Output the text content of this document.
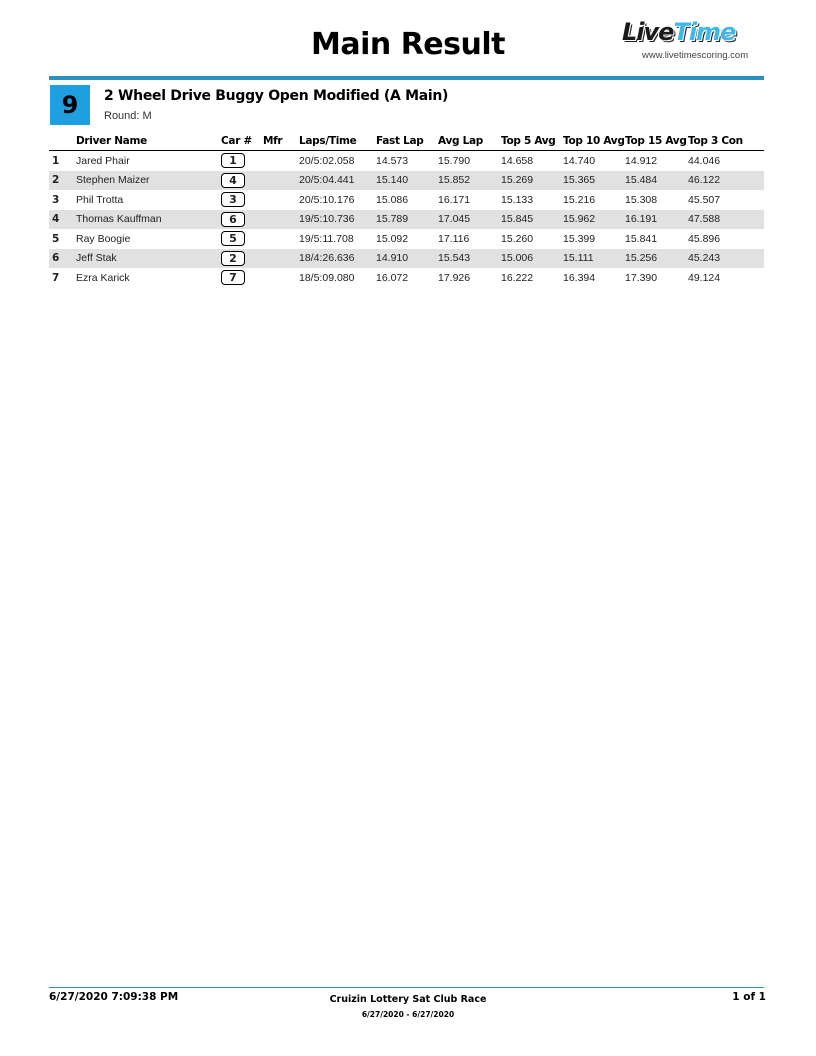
Main Result	LiveTime
www.livetimescoring.com
9	2 Wheel Drive Buggy Open Modified (A Main)
Round: M
	Driver Name	Car #	Mfr	Laps/Time	Fast Lap	Avg Lap	Top 5 Avg	Top 10 Avg	Top 15 Avg	Top 3 Con
1	Jared Phair	1		20/5:02.058	14.573	15.790	14.658	14.740	14.912	44.046
2	Stephen Maizer	4		20/5:04.441	15.140	15.852	15.269	15.365	15.484	46.122
3	Phil Trotta	3		20/5:10.176	15.086	16.171	15.133	15.216	15.308	45.507
4	Thomas Kauffman	6		19/5:10.736	15.789	17.045	15.845	15.962	16.191	47.588
5	Ray Boogie	5		19/5:11.708	15.092	17.116	15.260	15.399	15.841	45.896
6	Jeff Stak	2		18/4:26.636	14.910	15.543	15.006	15.111	15.256	45.243
7	Ezra Karick	7		18/5:09.080	16.072	17.926	16.222	16.394	17.390	49.124
6/27/2020 7:09:38 PM	Cruizin Lottery Sat Club Race
6/27/2020 - 6/27/2020
1 of 1
